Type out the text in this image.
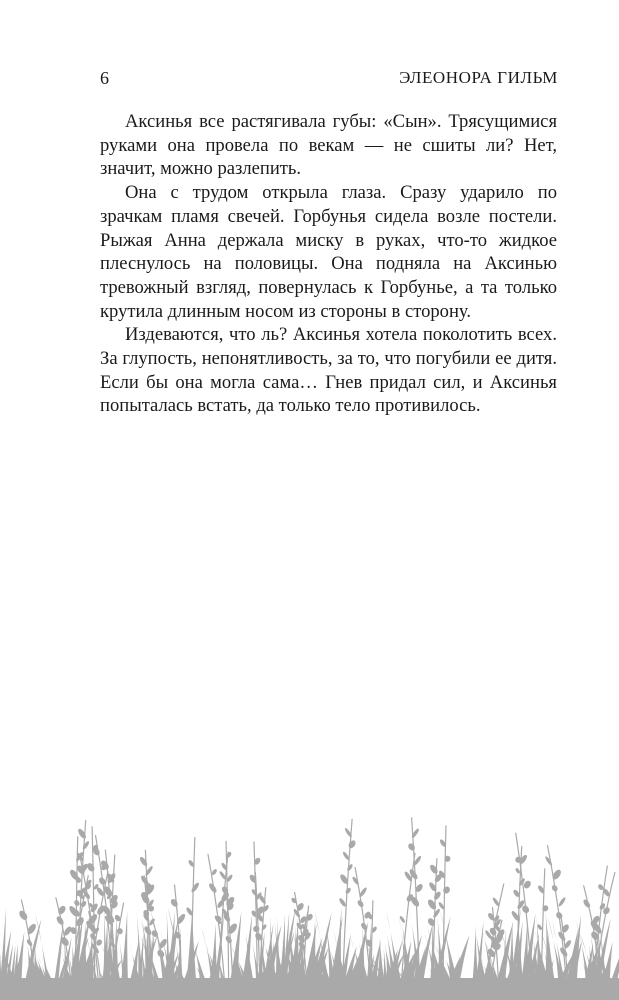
6	ЭЛЕОНОРА ГИЛЬМ

Аксинья все растягивала губы: «Сын». Трясущимися руками она провела по векам — не сшиты ли? Нет, значит, можно разлепить.

Она с трудом открыла глаза. Сразу ударило по зрачкам пламя свечей. Горбунья сидела возле постели. Рыжая Анна держала миску в руках, что-то жидкое плеснулось на половицы. Она подняла на Аксинью тревожный взгляд, повернулась к Горбунье, а та только крутила длинным носом из стороны в сторону.

Издеваются, что ль? Аксинья хотела поколотить всех. За глупость, непонятливость, за то, что погубили ее дитя. Если бы она могла сама… Гнев придал сил, и Аксинья попыталась встать, да только тело противилось.
